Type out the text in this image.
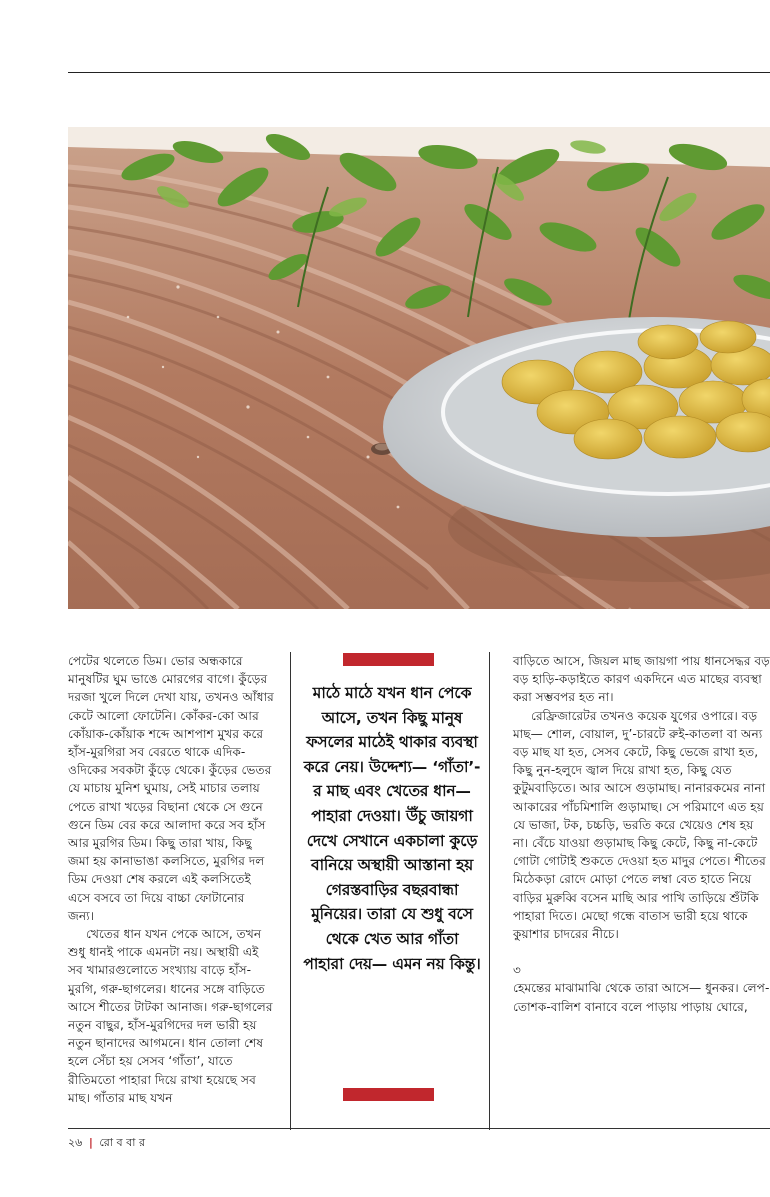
পেটের থলেতে ডিম। ভোর অন্ধকারে মানুষটির ঘুম ভাঙে মোরগের বাগে। কুঁড়ের দরজা খুলে দিলে দেখা যায়, তখনও আঁধার কেটে আলো ফোটেনি। কোঁকর-কো আর কোঁয়াক-কোঁয়াক শব্দে আশপাশ মুখর করে হাঁস-মুরগিরা সব বেরতে থাকে এদিক-ওদিকের সবকটা কুঁড়ে থেকে। কুঁড়ের ভেতর যে মাচায় মুনিশ ঘুমায়, সেই মাচার তলায় পেতে রাখা খড়ের বিছানা থেকে সে গুনে গুনে ডিম বের করে আলাদা করে সব হাঁস আর মুরগির ডিম। কিছু তারা খায়, কিছু জমা হয় কানাভাঙা কলসিতে, মুরগির দল ডিম দেওয়া শেষ করলে এই কলসিতেই এসে বসবে তা দিয়ে বাচ্চা ফোটানোর জন্য।

খেতের ধান যখন পেকে আসে, তখন শুধু ধানই পাকে এমনটা নয়। অস্থায়ী এই সব খামারগুলোতে সংখ্যায় বাড়ে হাঁস-মুরগি, গরু-ছাগলের। ধানের সঙ্গে বাড়িতে আসে শীতের টাটকা আনাজ। গরু-ছাগলের নতুন বাছুর, হাঁস-মুরগিদের দল ভারী হয় নতুন ছানাদের আগমনে। ধান তোলা শেষ হলে সেঁচা হয় সেসব ‘গাঁতা’, যাতে রীতিমতো পাহারা দিয়ে রাখা হয়েছে সব মাছ। গাঁতার মাছ যখন

মাঠে মাঠে যখন ধান পেকে আসে, তখন কিছু মানুষ ফসলের মাঠেই থাকার ব্যবস্থা করে নেয়। উদ্দেশ্য— ‘গাঁতা’-র মাছ এবং খেতের ধান— পাহারা দেওয়া। উঁচু জায়গা দেখে সেখানে একচালা কুড়ে বানিয়ে অস্থায়ী আস্তানা হয় গেরস্তবাড়ির বছরবান্ধা মুনিয়ের। তারা যে শুধু বসে থেকে খেত আর গাঁতা পাহারা দেয়— এমন নয় কিন্তু।

বাড়িতে আসে, জিয়ল মাছ জায়গা পায় ধানসেদ্ধর বড় বড় হাড়ি-কড়াইতে কারণ একদিনে এত মাছের ব্যবস্থা করা সম্ভবপর হত না।

রেফ্রিজারেটর তখনও কয়েক যুগের ওপারে। বড় মাছ— শোল, বোয়াল, দু’-চারটে রুই-কাতলা বা অন্য বড় মাছ যা হত, সেসব কেটে, কিছু ভেজে রাখা হত, কিছু নুন-হলুদে জ্বাল দিয়ে রাখা হত, কিছু যেত কুটুমবাড়িতে। আর আসে গুড়ামাছ। নানারকমের নানা আকারের পাঁচমিশালি গুড়ামাছ। সে পরিমাণে এত হয় যে ভাজা, টক, চচ্চড়ি, ভরতি করে খেয়েও শেষ হয় না। বেঁচে যাওয়া গুড়ামাছ কিছু কেটে, কিছু না-কেটে গোটা গোটাই শুকতে দেওয়া হত মাদুর পেতে। শীতের মিঠেকড়া রোদে মোড়া পেতে লম্বা বেত হাতে নিয়ে বাড়ির মুরুব্বি বসেন মাছি আর পাখি তাড়িয়ে শুঁটকি পাহারা দিতে। মেছো গন্ধে বাতাস ভারী হয়ে থাকে কুয়াশার চাদরের নীচে।

৩

হেমন্তের মাঝামাঝি থেকে তারা আসে— ধুনকর। লেপ-তোশক-বালিশ বানাবে বলে পাড়ায় পাড়ায় ঘোরে,

২৬ | রো ব বা র
